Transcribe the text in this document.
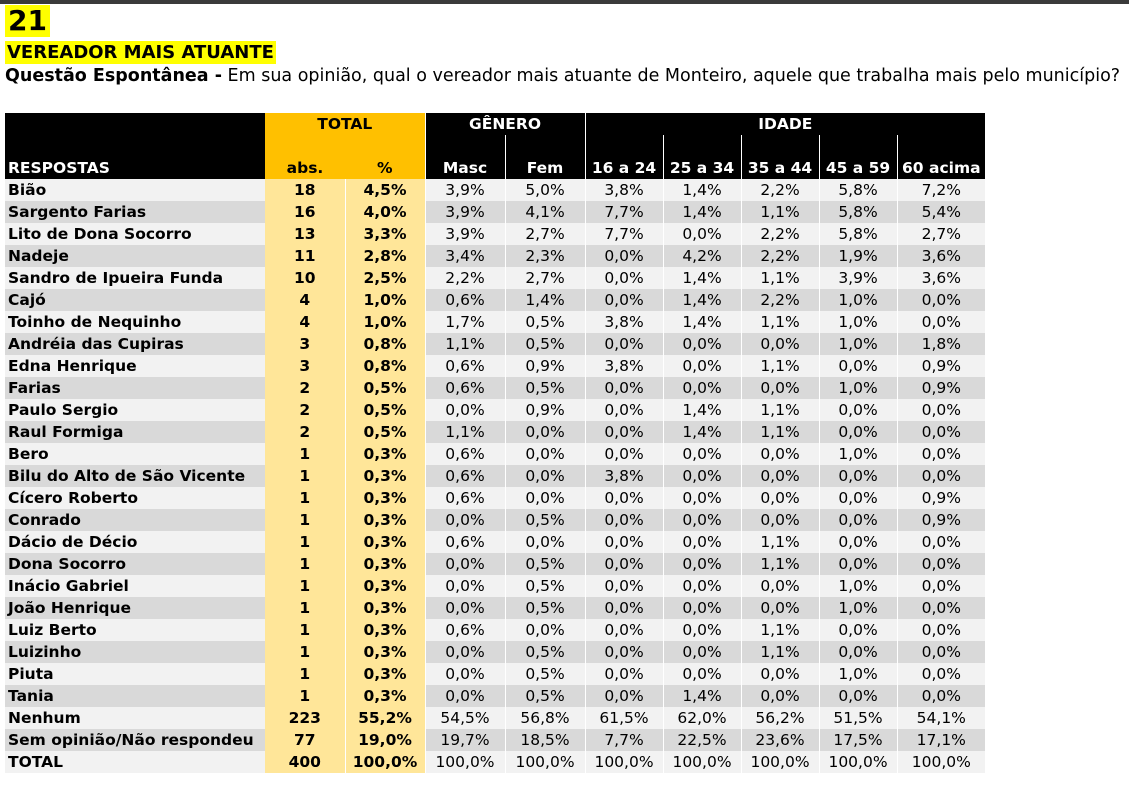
21
VEREADOR MAIS ATUANTE
Questão Espontânea - Em sua opinião, qual o vereador mais atuante de Monteiro, aquele que trabalha mais pelo município?
	TOTAL		GÊNERO		IDADE				

RESPOSTAS	abs.	%	Masc	Fem	16 a 24	25 a 34	35 a 44	45 a 59	60 acima
Bião	18	4,5%	3,9%	5,0%	3,8%	1,4%	2,2%	5,8%	7,2%
Sargento Farias	16	4,0%	3,9%	4,1%	7,7%	1,4%	1,1%	5,8%	5,4%
Lito de Dona Socorro	13	3,3%	3,9%	2,7%	7,7%	0,0%	2,2%	5,8%	2,7%
Nadeje	11	2,8%	3,4%	2,3%	0,0%	4,2%	2,2%	1,9%	3,6%
Sandro de Ipueira Funda	10	2,5%	2,2%	2,7%	0,0%	1,4%	1,1%	3,9%	3,6%
Cajó	4	1,0%	0,6%	1,4%	0,0%	1,4%	2,2%	1,0%	0,0%
Toinho de Nequinho	4	1,0%	1,7%	0,5%	3,8%	1,4%	1,1%	1,0%	0,0%
Andréia das Cupiras	3	0,8%	1,1%	0,5%	0,0%	0,0%	0,0%	1,0%	1,8%
Edna Henrique	3	0,8%	0,6%	0,9%	3,8%	0,0%	1,1%	0,0%	0,9%
Farias	2	0,5%	0,6%	0,5%	0,0%	0,0%	0,0%	1,0%	0,9%
Paulo Sergio	2	0,5%	0,0%	0,9%	0,0%	1,4%	1,1%	0,0%	0,0%
Raul Formiga	2	0,5%	1,1%	0,0%	0,0%	1,4%	1,1%	0,0%	0,0%
Bero	1	0,3%	0,6%	0,0%	0,0%	0,0%	0,0%	1,0%	0,0%
Bilu do Alto de São Vicente	1	0,3%	0,6%	0,0%	3,8%	0,0%	0,0%	0,0%	0,0%
Cícero Roberto	1	0,3%	0,6%	0,0%	0,0%	0,0%	0,0%	0,0%	0,9%
Conrado	1	0,3%	0,0%	0,5%	0,0%	0,0%	0,0%	0,0%	0,9%
Dácio de Décio	1	0,3%	0,6%	0,0%	0,0%	0,0%	1,1%	0,0%	0,0%
Dona Socorro	1	0,3%	0,0%	0,5%	0,0%	0,0%	1,1%	0,0%	0,0%
Inácio Gabriel	1	0,3%	0,0%	0,5%	0,0%	0,0%	0,0%	1,0%	0,0%
João Henrique	1	0,3%	0,0%	0,5%	0,0%	0,0%	0,0%	1,0%	0,0%
Luiz Berto	1	0,3%	0,6%	0,0%	0,0%	0,0%	1,1%	0,0%	0,0%
Luizinho	1	0,3%	0,0%	0,5%	0,0%	0,0%	1,1%	0,0%	0,0%
Piuta	1	0,3%	0,0%	0,5%	0,0%	0,0%	0,0%	1,0%	0,0%
Tania	1	0,3%	0,0%	0,5%	0,0%	1,4%	0,0%	0,0%	0,0%
Nenhum	223	55,2%	54,5%	56,8%	61,5%	62,0%	56,2%	51,5%	54,1%
Sem opinião/Não respondeu	77	19,0%	19,7%	18,5%	7,7%	22,5%	23,6%	17,5%	17,1%
TOTAL	400	100,0%	100,0%	100,0%	100,0%	100,0%	100,0%	100,0%	100,0%
